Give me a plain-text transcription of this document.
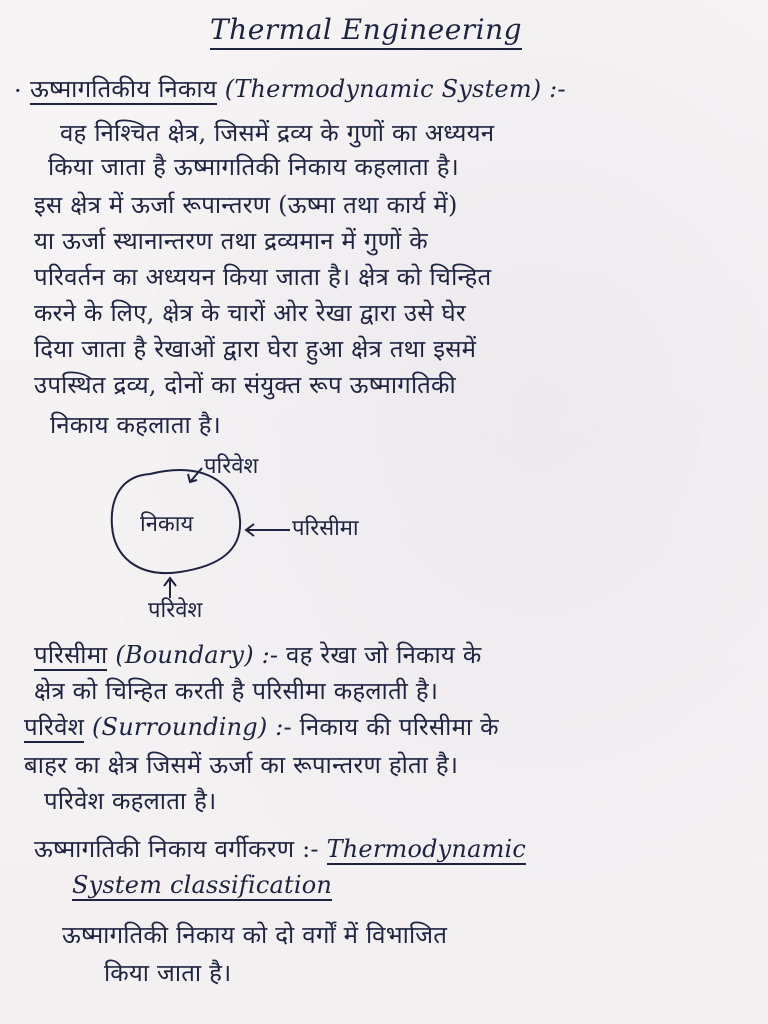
Thermal Engineering
· ऊष्मागतिकीय निकाय (Thermodynamic System) :-
वह निश्चित क्षेत्र, जिसमें द्रव्य के गुणों का अध्ययन
किया जाता है ऊष्मागतिकी निकाय कहलाता है।
इस क्षेत्र में ऊर्जा रूपान्तरण (ऊष्मा तथा कार्य में)
या ऊर्जा स्थानान्तरण तथा द्रव्यमान में गुणों के
परिवर्तन का अध्ययन किया जाता है। क्षेत्र को चिन्हित
करने के लिए, क्षेत्र के चारों ओर रेखा द्वारा उसे घेर
दिया जाता है रेखाओं द्वारा घेरा हुआ क्षेत्र तथा इसमें
उपस्थित द्रव्य, दोनों का संयुक्त रूप ऊष्मागतिकी
निकाय कहलाता है।
परिवेश
निकाय	परिसीमा
परिवेश
परिसीमा (Boundary) :- वह रेखा जो निकाय के
क्षेत्र को चिन्हित करती है परिसीमा कहलाती है।
परिवेश (Surrounding) :- निकाय की परिसीमा के
बाहर का क्षेत्र जिसमें ऊर्जा का रूपान्तरण होता है।
परिवेश कहलाता है।
ऊष्मागतिकी निकाय वर्गीकरण :- Thermodynamic
System classification
ऊष्मागतिकी निकाय को दो वर्गों में विभाजित
किया जाता है।
